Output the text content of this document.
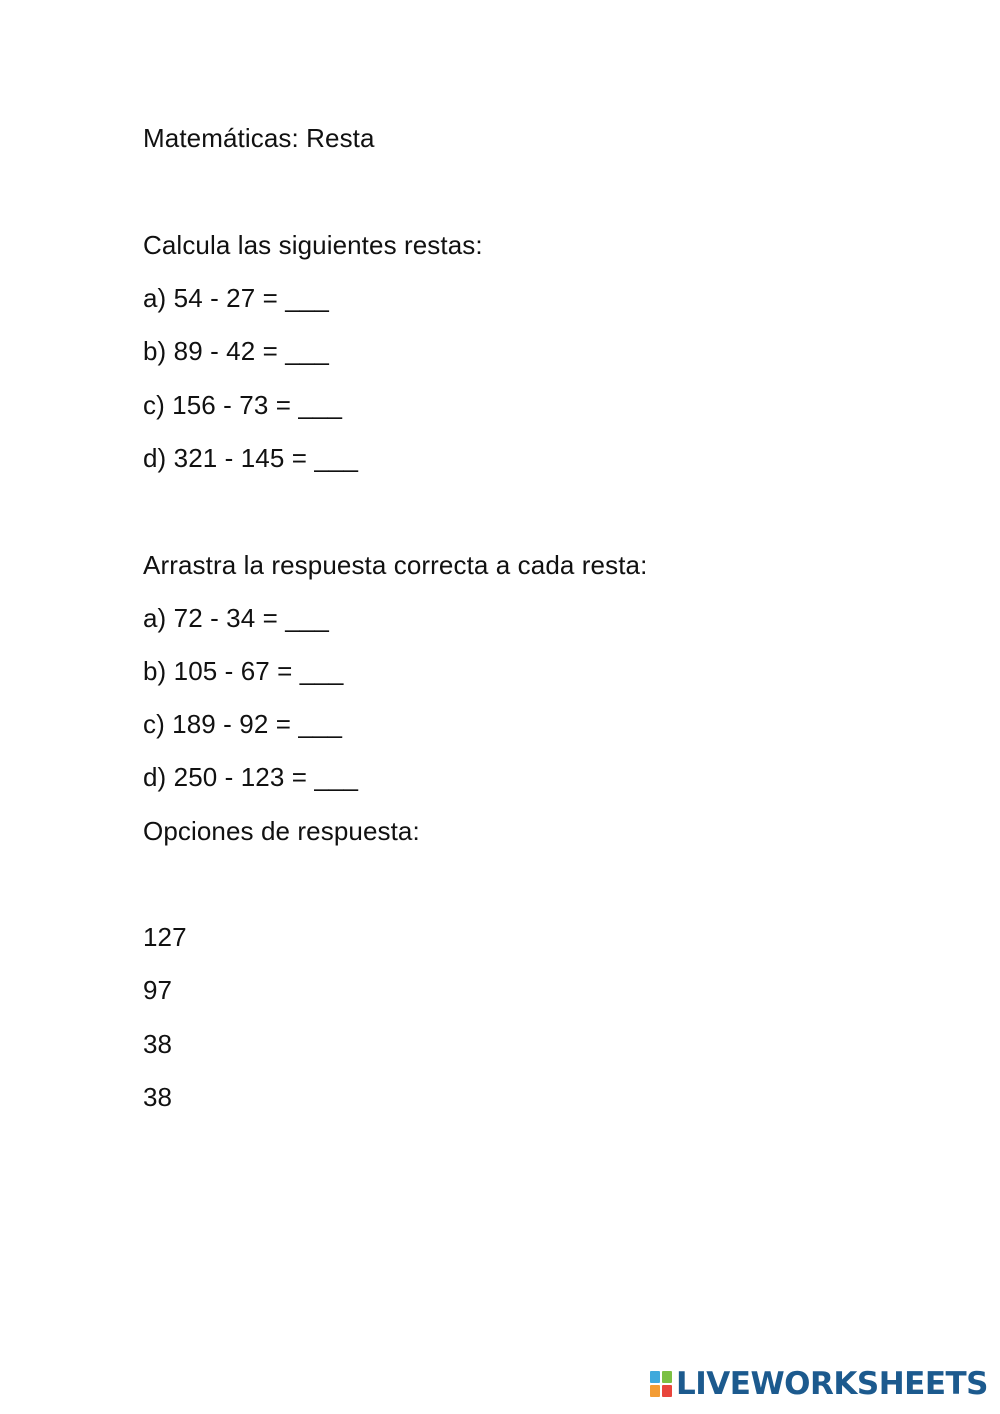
Matemáticas: Resta
Calcula las siguientes restas:
a) 54 - 27 = ___
b) 89 - 42 = ___
c) 156 - 73 = ___
d) 321 - 145 = ___
Arrastra la respuesta correcta a cada resta:
a) 72 - 34 = ___
b) 105 - 67 = ___
c) 189 - 92 = ___
d) 250 - 123 = ___
Opciones de respuesta:
127
97
38
38
LIVEWORKSHEETS
